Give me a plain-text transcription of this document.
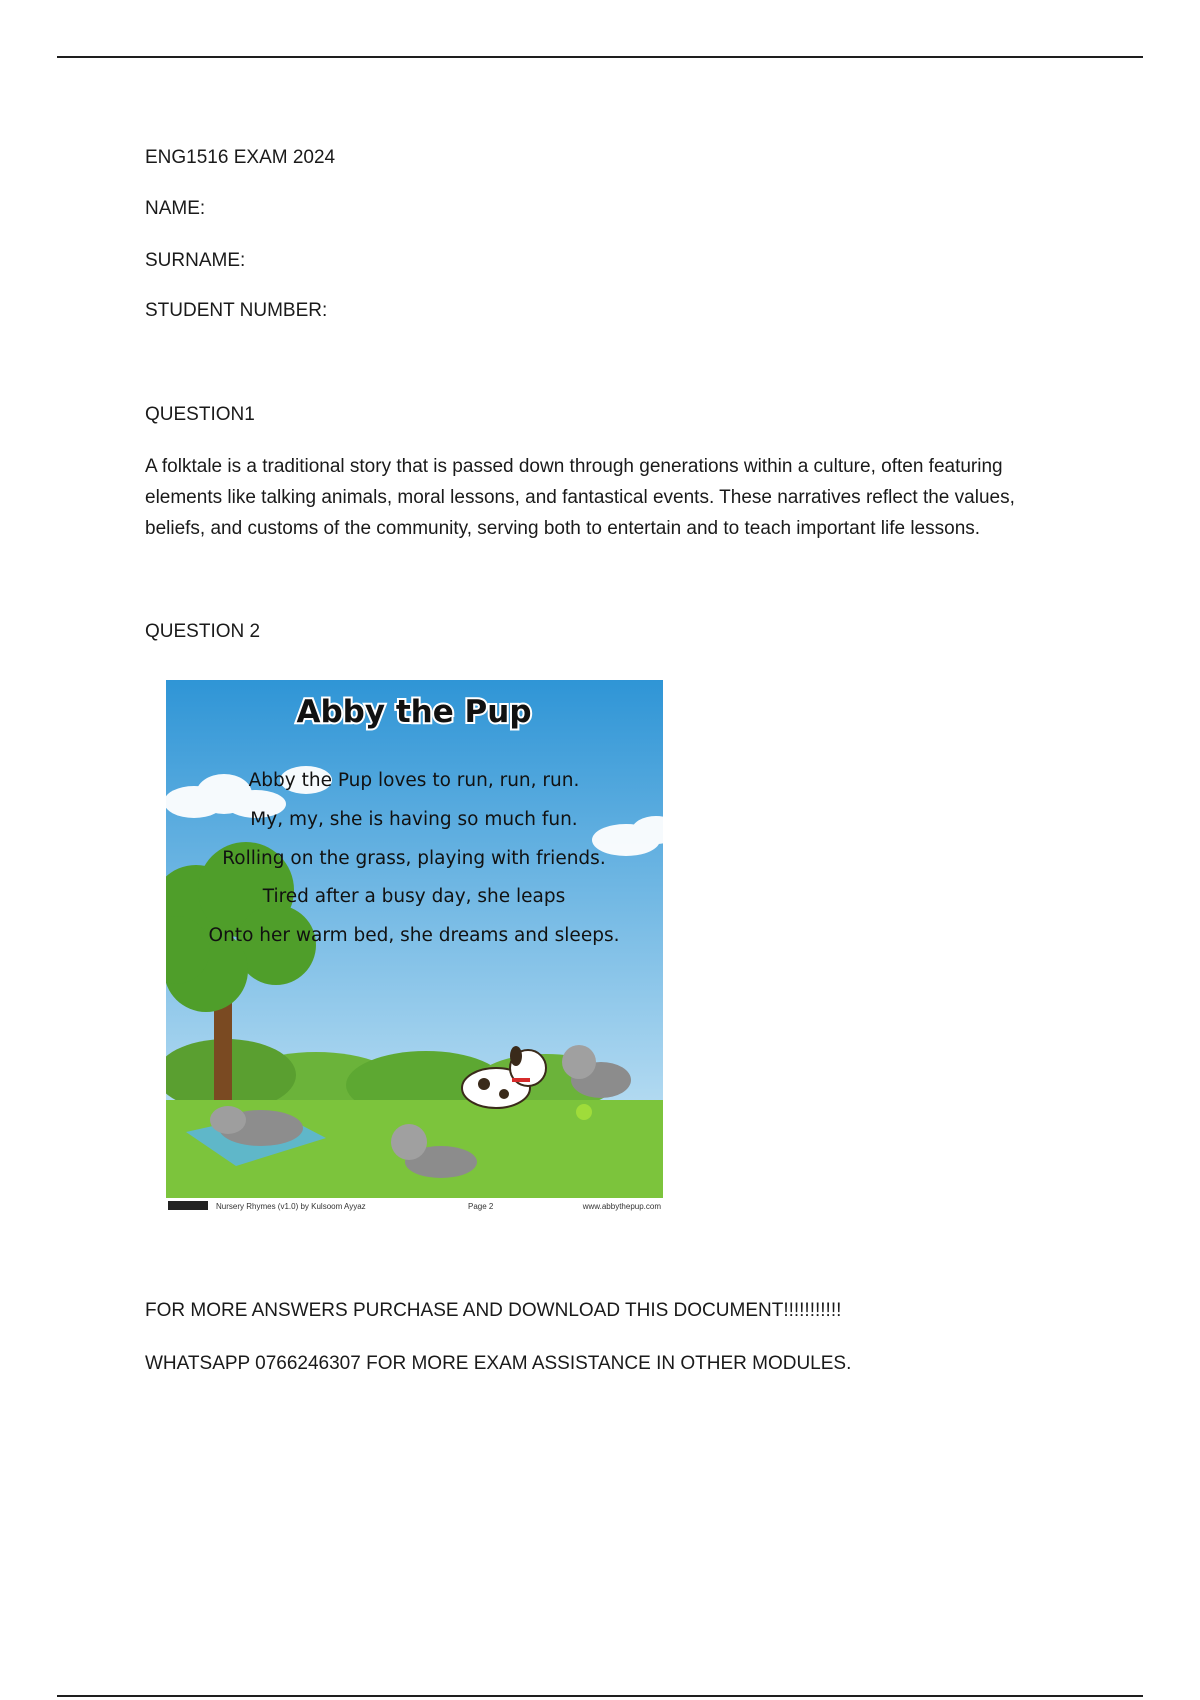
ENG1516 EXAM 2024
NAME:
SURNAME:
STUDENT NUMBER:
QUESTION1
A folktale is a traditional story that is passed down through generations within a culture, often featuring
elements like talking animals, moral lessons, and fantastical events. These narratives reflect the values,
beliefs, and customs of the community, serving both to entertain and to teach important life lessons.
QUESTION 2
Abby the Pup
Abby the Pup loves to run, run, run.
My, my, she is having so much fun.
Rolling on the grass, playing with friends.
Tired after a busy day, she leaps
Onto her warm bed, she dreams and sleeps.
Nursery Rhymes (v1.0) by Kulsoom Ayyaz	Page 2	www.abbythepup.com
FOR MORE ANSWERS PURCHASE AND DOWNLOAD THIS DOCUMENT!!!!!!!!!!!
WHATSAPP 0766246307 FOR MORE EXAM ASSISTANCE IN OTHER MODULES.
